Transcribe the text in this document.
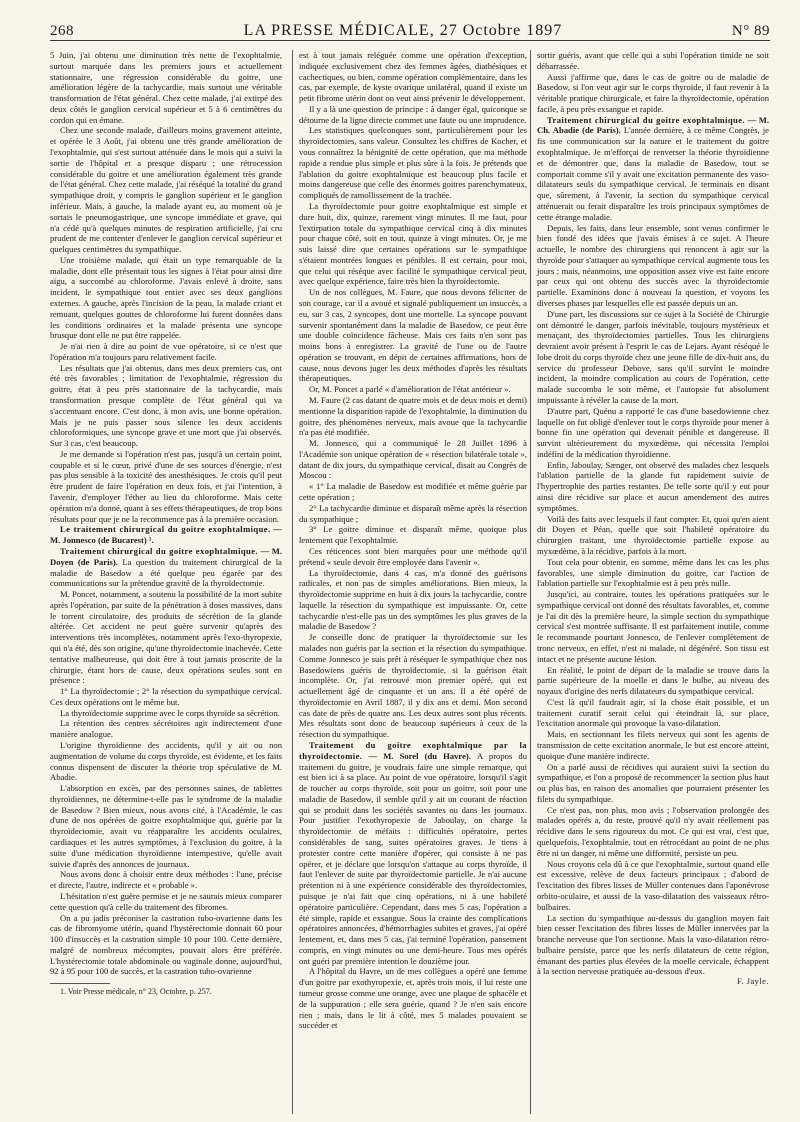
268	LA PRESSE MÉDICALE, 27 Octobre 1897	N° 89

5 Juin, j'ai obtenu une diminution très nette de l'exophtalmie, surtout marquée dans les premiers jours et actuellement stationnaire, une régression considérable du goitre, une amélioration légère de la tachycardie, mais surtout une véritable transformation de l'état général. Chez cette malade, j'ai extirpé des deux côtés le ganglion cervical supérieur et 5 à 6 centimètres du cordon qui en émane.

Chez une seconde malade, d'ailleurs moins gravement atteinte, et opérée le 3 Août, j'ai obtenu une très grande amélioration de l'exophtalmie, qui s'est surtout atténuée dans le mois qui a suivi la sortie de l'hôpital et a presque disparu ; une rétrocession considérable du goitre et une amélioration également très grande de l'état général. Chez cette malade, j'ai réséqué la totalité du grand sympathique droit, y compris le ganglion supérieur et le ganglion inférieur. Mais, à gauche, la malade ayant eu, au moment où je sortais le pneumogastrique, une syncope immédiate et grave, qui n'a cédé qu'à quelques minutes de respiration artificielle, j'ai cru prudent de me contenter d'enlever le ganglion cervical supérieur et quelques centimètres du sympathique.

Une troisième malade, qui était un type remarquable de la maladie, dont elle présentait tous les signes à l'état pour ainsi dire aigu, a succombé au chloroforme. J'avais enlevé à droite, sans incident, le sympathique tout entier avec ses deux ganglions externes. A gauche, après l'incision de la peau, la malade criant et remuant, quelques gouttes de chloroforme lui furent données dans les conditions ordinaires et la malade présenta une syncope brusque dont elle ne put être rappelée.

Je n'ai rien à dire au point de vue opératoire, si ce n'est que l'opération m'a toujours paru relativement facile.

Les résultats que j'ai obtenus, dans mes deux premiers cas, ont été très favorables ; limitation de l'exophtalmie, régression du goitre, état à peu près stationnaire de la tachycardie, mais transformation presque complète de l'état général qui va s'accentuant encore. C'est donc, à mon avis, une bonne opération. Mais je ne puis passer sous silence les deux accidents chloroformiques, une syncope grave et une mort que j'ai observés. Sur 3 cas, c'est beaucoup.

Je me demande si l'opération n'est pas, jusqu'à un certain point, coupable et si le cœur, privé d'une de ses sources d'énergie, n'est pas plus sensible à la toxicité des anesthésiques. Je crois qu'il peut être prudent de faire l'opération en deux fois, et j'ai l'intention, à l'avenir, d'employer l'éther au lieu du chloroforme. Mais cette opération m'a donné, quant à ses effets thérapeutiques, de trop bons résultats pour que je ne la recommence pas à la première occasion.

Le traitement chirurgical du goitre exophtalmique. — M. Jonnesco (de Bucarest) ¹.

Traitement chirurgical du goitre exophtalmique. — M. Doyen (de Paris). La question du traitement chirurgical de la maladie de Basedow a été quelque peu égarée par des communications sur la prétendue gravité de la thyroïdectomie.

M. Poncet, notamment, a soutenu la possibilité de la mort subite après l'opération, par suite de la pénétration à doses massives, dans le torrent circulatoire, des produits de sécrétion de la glande altérée. Cet accident ne peut guère survenir qu'après des interventions très incomplètes, notamment après l'exo-thyropexie, qui n'a été, dès son origine, qu'une thyroïdectomie inachevée. Cette tentative malheureuse, qui doit être à tout jamais proscrite de la chirurgie, étant hors de cause, deux opérations seules sont en présence :

1° La thyroïdectomie ; 2° la résection du sympathique cervical. Ces deux opérations ont le même but.

La thyroïdectomie supprime avec le corps thyroïde sa sécrétion.

La rétention des centres sécrétoires agit indirectement d'une manière analogue.

L'origine thyroïdienne des accidents, qu'il y ait ou non augmentation de volume du corps thyroïde, est évidente, et les faits connus dispensent de discuter la théorie trop spéculative de M. Abadie.

L'absorption en excès, par des personnes saines, de tablettes thyroïdiennes, ne détermine-t-elle pas le syndrome de la maladie de Basedow ? Bien mieux, nous avons cité, à l'Académie, le cas d'une de nos opérées de goitre exophtalmique qui, guérie par la thyroïdectomie, avait vu réapparaître les accidents oculaires, cardiaques et les autres symptômes, à l'exclusion du goitre, à la suite d'une médication thyroïdienne intempestive, qu'elle avait suivie d'après des annonces de journaux.

Nous avons donc à choisir entre deux méthodes : l'une, précise et directe, l'autre, indirecte et « probable ».

L'hésitation n'est guère permise et je ne saurais mieux comparer cette question qu'à celle du traitement des fibromes.

On a pu jadis préconiser la castration tubo-ovarienne dans les cas de fibromyome utérin, quand l'hystérectomie donnait 60 pour 100 d'insuccès et la castration simple 10 pour 100. Cette dernière, malgré de nombreux mécomptes, pouvait alors être préférée. L'hystérectomie totale abdominale ou vaginale donne, aujourd'hui, 92 à 95 pour 100 de succès, et la castration tubo-ovarienne

1. Voir Presse médicale, n° 23, Octobre, p. 257.

est à tout jamais reléguée comme une opération d'exception, indiquée exclusivement chez des femmes âgées, diathésiques et cachectiques, ou bien, comme opération complémentaire, dans les cas, par exemple, de kyste ovarique unilatéral, quand il existe un petit fibrome utérin dont on veut ainsi prévenir le développement.

Il y a là une question de principe : à danger égal, quiconque se détourne de la ligne directe commet une faute ou une imprudence.

Les statistiques quelconques sont, particulièrement pour les thyroïdectomies, sans valeur. Consultez les chiffres de Kocher, et vous connaîtrez la bénignité de cette opération, que ma méthode rapide a rendue plus simple et plus sûre à la fois. Je prétends que l'ablation du goitre exophtalmique est beaucoup plus facile et moins dangereuse que celle des énormes goitres parenchymateux, compliqués de ramollissement de la trachée.

La thyroïdectomie pour goitre exophtalmique est simple et dure huit, dix, quinze, rarement vingt minutes. Il me faut, pour l'extirpation totale du sympathique cervical cinq à dix minutes pour chaque côté, soit en tout, quinze à vingt minutes. Or, je me suis laissé dire que certaines opérations sur le sympathique s'étaient montrées longues et pénibles. Il est certain, pour moi, que celui qui réséque avec facilité le sympathique cervical peut, avec quelque expérience, faire très bien la thyroïdectomie.

Un de nos collègues, M. Faure, que nous devons féliciter de son courage, car il a avoué et signalé publiquement un insuccès, a eu, sur 3 cas, 2 syncopes, dont une mortelle. La syncope pouvant survenir spontanément dans la maladie de Basedow, ce peut être une double coïncidence fâcheuse. Mais ces faits n'en sont pas moins bons à enregistrer. La gravité de l'une ou de l'autre opération se trouvant, en dépit de certaines affirmations, hors de cause, nous devons juger les deux méthodes d'après les résultats thérapeutiques.

Or, M. Poncet a parlé « d'amélioration de l'état antérieur ».

M. Faure (2 cas datant de quatre mois et de deux mois et demi) mentionne la disparition rapide de l'exophtalmie, la diminution du goitre, des phénomènes nerveux, mais avoue que la tachycardie n'a pas été modifiée.

M. Jonnesco, qui a communiqué le 28 Juillet 1896 à l'Académie son unique opération de « résection bilatérale totale », datant de dix jours, du sympathique cervical, disait au Congrès de Moscou :

« 1° La maladie de Basedow est modifiée et même guérie par cette opération ;

2° La tachycardie diminue et disparaît même après la résection du sympathique ;

3° Le goitre diminue et disparaît même, quoique plus lentement que l'exophtalmie.

Ces réticences sont bien marquées pour une méthode qu'il prétend « seule devoir être employée dans l'avenir ».

La thyroïdectomie, dans 4 cas, m'a donné des guérisons radicales, et non pas de simples améliorations. Bien mieux, la thyroïdectomie supprime en huit à dix jours la tachycardie, contre laquelle la résection du sympathique est impuissante. Or, cette tachycardie n'est-elle pas un des symptômes les plus graves de la maladie de Basedow ?

Je conseille donc de pratiquer la thyroïdectomie sur les malades non guéris par la section et la résection du sympathique. Comme Jonnesco je suis prêt à réséquer le sympathique chez nos Basedowiens guéris de thyroïdectomie, si la guérison était incomplète. Or, j'ai retrouvé mon premier opéré, qui est actuellement âgé de cinquante et un ans. Il a été opéré de thyroïdectomie en Avril 1887, il y dix ans et demi. Mon second cas date de près de quatre ans. Les deux autres sont plus récents. Mes résultats sont donc de beaucoup supérieurs à ceux de la résection du sympathique.

Traitement du goitre exophtalmique par la thyroïdectomie. — M. Sorel (du Havre). A propos du traitement du goitre, je voudrais faire une simple remarque, qui est bien ici à sa place. Au point de vue opératoire, lorsqu'il s'agit de toucher au corps thyroïde, soit pour un goitre, soit pour une maladie de Basedow, il semble qu'il y ait un courant de réaction qui se produit dans les sociétés savantes ou dans les journaux. Pour justifier l'exothyropexie de Jaboulay, on charge la thyroïdectomie de méfaits : difficultés opératoire, pertes considérables de sang, suites opératoires graves. Je tiens à protester contre cette manière d'opérer, qui consiste à ne pas opérer, et je déclare que lorsqu'on s'attaque au corps thyroïde, il faut l'enlever de suite par thyroïdectomie partielle. Je n'ai aucune prétention ni à une expérience considérable des thyroïdectomies, puisque je n'ai fait que cinq opérations, ni à une habileté opératoire particulière. Cependant, dans mes 5 cas, l'opération a été simple, rapide et exsangue. Sous la crainte des complications opératoires annoncées, d'hémorrhagies subites et graves, j'ai opéré lentement, et, dans mes 5 cas, j'ai terminé l'opération, pansement compris, en vingt minutes ou une demi-heure. Tous mes opérés ont guéri par première intention le douzième jour.

A l'hôpital du Havre, un de mes collègues a opéré une femme d'un goitre par exothyropexie, et, après trois mois, il lui reste une tumeur grosse comme une orange, avec une plaque de sphacèle et de la suppuration ; elle sera guérie, quand ? Je n'en sais encore rien ; mais, dans le lit à côté, mes 5 malades pouvaient se succéder et

sortir guéris, avant que celle qui a subi l'opération timide ne soit débarrassée.

Aussi j'affirme que, dans le cas de goitre ou de maladie de Basedow, si l'on veut agir sur le corps thyroïde, il faut revenir à la véritable pratique chirurgicale, et faire la thyroïdectomie, opération facile, à peu près exsangue et rapide.

Traitement chirurgical du goitre exophtalmique. — M. Ch. Abadie (de Paris). L'année dernière, à ce même Congrès, je fis une communication sur la nature et le traitement du goitre exophtalmique. Je m'efforçai de renverser la théorie thyroïdienne et de démontrer que, dans la maladie de Basedow, tout se comportait comme s'il y avait une excitation permanente des vaso-dilatateurs seuls du sympathique cervical. Je terminais en disant que, sûrement, à l'avenir, la section du sympathique cervical atténuerait ou ferait disparaître les trois principaux symptômes de cette étrange maladie.

Depuis, les faits, dans leur ensemble, sont venus confirmer le bien fondé des idées que j'avais émises à ce sujet. A l'heure actuelle, le nombre des chirurgiens qui renoncent à agir sur la thyroïde pour s'attaquer au sympathique cervical augmente tous les jours ; mais, néanmoins, une opposition assez vive est faite encore par ceux qui ont obtenu des succès avec la thyroïdectomie partielle. Examinons donc à nouveau la question, et voyons les diverses phases par lesquelles elle est passée depuis un an.

D'une part, les discussions sur ce sujet à la Société de Chirurgie ont démontré le danger, parfois inévitable, toujours mystérieux et menaçant, des thyroïdectomies partielles. Tous les chirurgiens devraient avoir présent à l'esprit le cas de Lejars. Ayant réséqué le lobe droit du corps thyroïde chez une jeune fille de dix-huit ans, du service du professeur Debove, sans qu'il survînt le moindre incident, la moindre complication au cours de l'opération, cette malade succomba le soir même, et l'autopsie fut absolument impuissante à révéler la cause de la mort.

D'autre part, Quénu a rapporté le cas d'une basedowienne chez laquelle on fut obligé d'enlever tout le corps thyroïde pour mener à bonne fin une opération qui devenait pénible et dangereuse. Il survint ultérieurement du myxœdème, qui nécessita l'emploi indéfini de la médication thyroïdienne.

Enfin, Jaboulay, Sænger, ont observé des malades chez lesquels l'ablation partielle de la glande fut rapidement suivie de l'hypertrophie des parties restantes. De telle sorte qu'il y eut pour ainsi dire récidive sur place et aucun amendement des autres symptômes.

Voilà des faits avec lesquels il faut compter. Et, quoi qu'en aient dit Doyen et Péan, quelle que soit l'habileté opératoire du chirurgien traitant, une thyroïdectomie partielle expose au myxœdème, à la récidive, parfois à la mort.

Tout cela pour obtenir, en somme, même dans les cas les plus favorables, une simple diminution du goitre, car l'action de l'ablation partielle sur l'exophtalmie est à peu près nulle.

Jusqu'ici, au contraire, toutes les opérations pratiquées sur le sympathique cervical ont donné des résultats favorables, et, comme je l'ai dit dès la première heure, la simple section du sympathique cervical s'est montrée suffisante. Il est parfaitement inutile, comme le recommande pourtant Jonnesco, de l'enlever complètement de tronc nerveux, en effet, n'est ni malade, ni dégénéré. Son tissu est intact et ne présente aucune lésion.

En réalité, le point de départ de la maladie se trouve dans la partie supérieure de la moelle et dans le bulbe, au niveau des noyaux d'origine des nerfs dilatateurs du sympathique cervical.

C'est là qu'il faudrait agir, si la chose était possible, et un traitement curatif serait celui qui éteindrait là, sur place, l'excitation anormale qui provoque la vaso-dilatation.

Mais, en sectionnant les filets nerveux qui sont les agents de transmission de cette excitation anormale, le but est encore atteint, quoique d'une manière indirecte.

On a parlé aussi de récidives qui auraient suivi la section du sympathique, et l'on a proposé de recommencer la section plus haut ou plus bas, en raison des anomalies que pourraient présenter les filets du sympathique.

Ce n'est pas, non plus, mon avis ; l'observation prolongée des malades opérés a, du reste, prouvé qu'il n'y avait réellement pas récidive dans le sens rigoureux du mot. Ce qui est vrai, c'est que, quelquefois, l'exophtalmie, tout en rétrocédant au point de ne plus être ni un danger, ni même une difformité, persiste un peu.

Nous croyons cela dû à ce que l'exophtalmie, surtout quand elle est excessive, relève de deux facteurs principaux ; d'abord de l'excitation des fibres lisses de Müller contenues dans l'aponévrose orbito-oculaire, et aussi de la vaso-dilatation des vaisseaux rétro-bulbaires.

La section du sympathique au-dessus du ganglion moyen fait bien cesser l'excitation des fibres lisses de Müller innervées par la branche nerveuse que l'on sectionne. Mais la vaso-dilatation rétro-bulbaire persiste, parce que les nerfs dilatateurs de cette région, émanant des parties plus élevées de la moelle cervicale, échappent à la section nerveuse pratiquée au-dessous d'eux.

F. Jayle.
